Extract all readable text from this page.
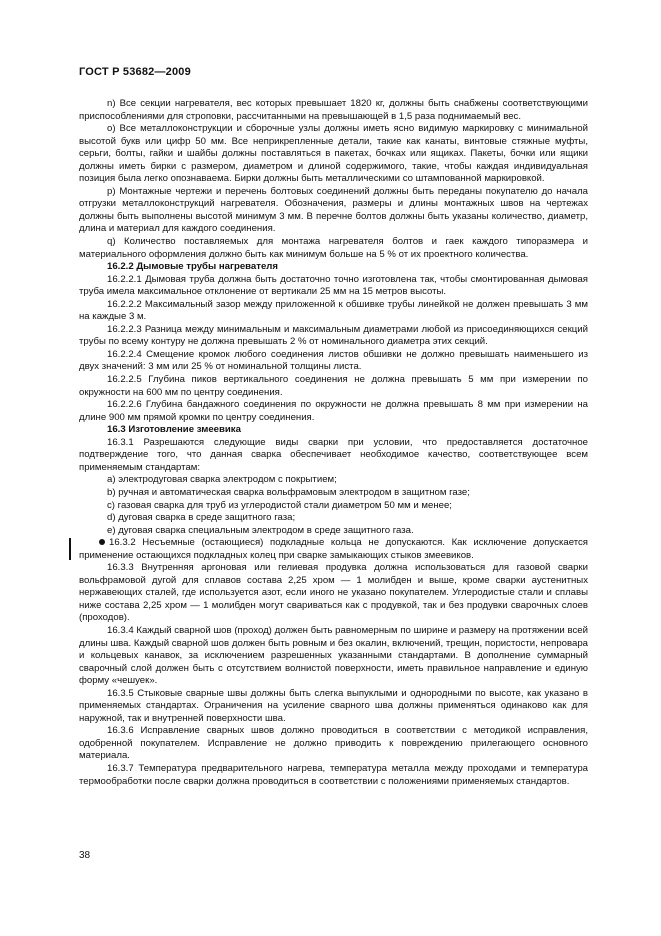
ГОСТ Р 53682—2009

n) Все секции нагревателя, вес которых превышает 1820 кг, должны быть снабжены соответствующими приспособлениями для строповки, рассчитанными на превышающей в 1,5 раза поднимаемый вес.

o) Все металлоконструкции и сборочные узлы должны иметь ясно видимую маркировку с минимальной высотой букв или цифр 50 мм. Все неприкрепленные детали, такие как канаты, винтовые стяжные муфты, серьги, болты, гайки и шайбы должны поставляться в пакетах, бочках или ящиках. Пакеты, бочки или ящики должны иметь бирки с размером, диаметром и длиной содержимого, такие, чтобы каждая индивидуальная позиция была легко опознаваема. Бирки должны быть металлическими со штампованной маркировкой.

p) Монтажные чертежи и перечень болтовых соединений должны быть переданы покупателю до начала отгрузки металлоконструкций нагревателя. Обозначения, размеры и длины монтажных швов на чертежах должны быть выполнены высотой минимум 3 мм. В перечне болтов должны быть указаны количество, диаметр, длина и материал для каждого соединения.

q) Количество поставляемых для монтажа нагревателя болтов и гаек каждого типоразмера и материального оформления должно быть как минимум больше на 5 % от их проектного количества.

16.2.2 Дымовые трубы нагревателя

16.2.2.1 Дымовая труба должна быть достаточно точно изготовлена так, чтобы смонтированная дымовая труба имела максимальное отклонение от вертикали 25 мм на 15 метров высоты.

16.2.2.2 Максимальный зазор между приложенной к обшивке трубы линейкой не должен превышать 3 мм на каждые 3 м.

16.2.2.3 Разница между минимальным и максимальным диаметрами любой из присоединяющихся секций трубы по всему контуру не должна превышать 2 % от номинального диаметра этих секций.

16.2.2.4 Смещение кромок любого соединения листов обшивки не должно превышать наименьшего из двух значений: 3 мм или 25 % от номинальной толщины листа.

16.2.2.5 Глубина пиков вертикального соединения не должна превышать 5 мм при измерении по окружности на 600 мм по центру соединения.

16.2.2.6 Глубина бандажного соединения по окружности не должна превышать 8 мм при измерении на длине 900 мм прямой кромки по центру соединения.

16.3 Изготовление змеевика

16.3.1 Разрешаются следующие виды сварки при условии, что предоставляется достаточное подтверждение того, что данная сварка обеспечивает необходимое качество, соответствующее всем применяемым стандартам:

a) электродуговая сварка электродом с покрытием;

b) ручная и автоматическая сварка вольфрамовым электродом в защитном газе;

c) газовая сварка для труб из углеродистой стали диаметром 50 мм и менее;

d) дуговая сварка в среде защитного газа;

e) дуговая сварка специальным электродом в среде защитного газа.

16.3.2 Несъемные (остающиеся) подкладные кольца не допускаются. Как исключение допускается применение остающихся подкладных колец при сварке замыкающих стыков змеевиков.

16.3.3 Внутренняя аргоновая или гелиевая продувка должна использоваться для газовой сварки вольфрамовой дугой для сплавов состава 2,25 хром — 1 молибден и выше, кроме сварки аустенитных нержавеющих сталей, где используется азот, если иного не указано покупателем. Углеродистые стали и сплавы ниже состава 2,25 хром — 1 молибден могут свариваться как с продувкой, так и без продувки сварочных слоев (проходов).

16.3.4 Каждый сварной шов (проход) должен быть равномерным по ширине и размеру на протяжении всей длины шва. Каждый сварной шов должен быть ровным и без окалин, включений, трещин, пористости, непровара и кольцевых канавок, за исключением разрешенных указанными стандартами. В дополнение суммарный сварочный слой должен быть с отсутствием волнистой поверхности, иметь правильное направление и единую форму «чешуек».

16.3.5 Стыковые сварные швы должны быть слегка выпуклыми и однородными по высоте, как указано в применяемых стандартах. Ограничения на усиление сварного шва должны применяться одинаково как для наружной, так и внутренней поверхности шва.

16.3.6 Исправление сварных швов должно проводиться в соответствии с методикой исправления, одобренной покупателем. Исправление не должно приводить к повреждению прилегающего основного материала.

16.3.7 Температура предварительного нагрева, температура металла между проходами и температура термообработки после сварки должна проводиться в соответствии с положениями применяемых стандартов.

38
